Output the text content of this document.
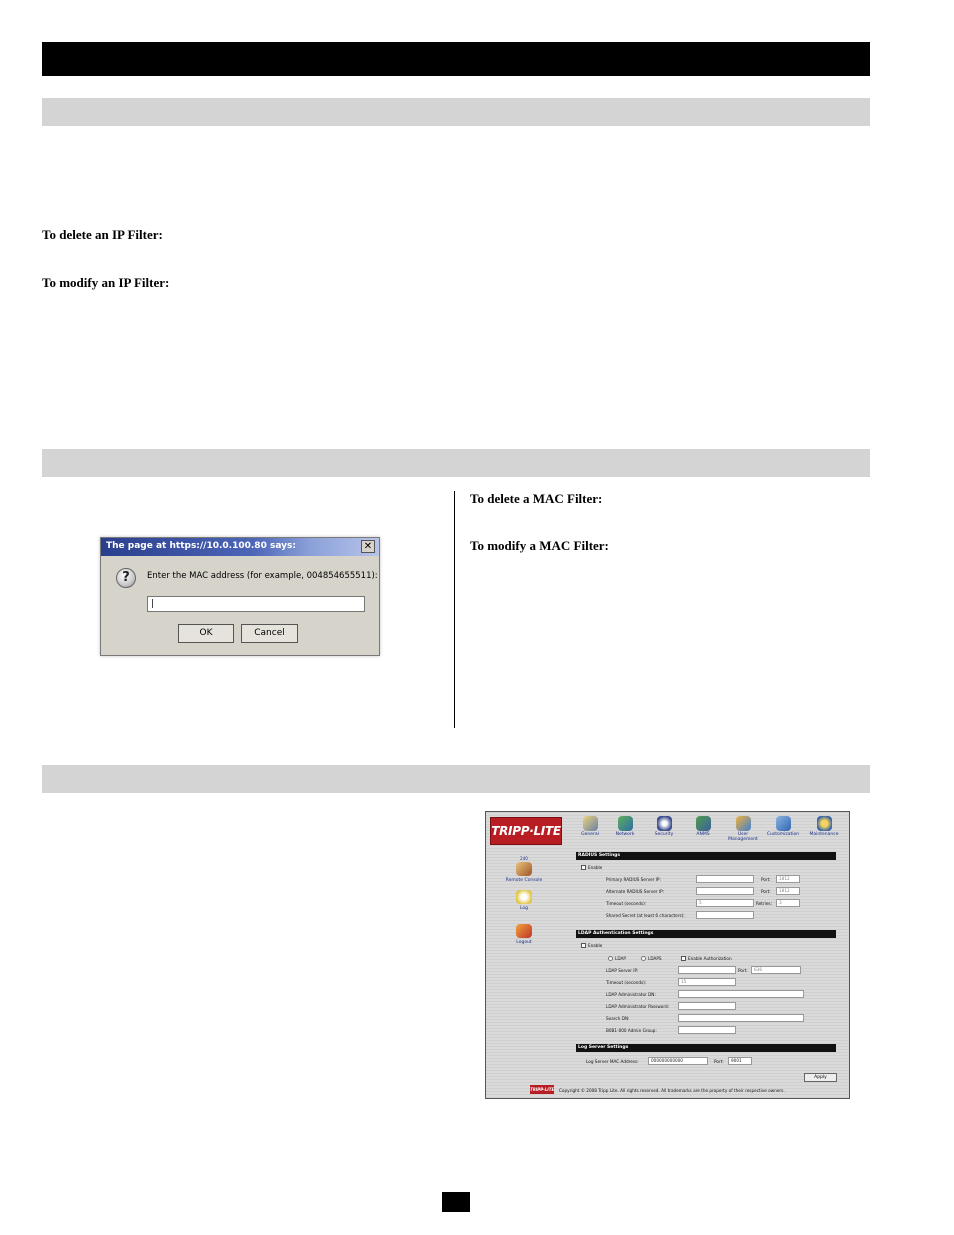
To delete an IP Filter:
To modify an IP Filter:
The page at https://10.0.100.80 says:	✕
?	Enter the MAC address (for example, 004854655511):
|
OK	Cancel
To delete a MAC Filter:
To modify a MAC Filter:
TRIPP·LITE	General	Network	Security	ANMS	User Management
Customization	Maintenance
240
Remote Console
Log
Logout
RADIUS Settings
Enable
Primary RADIUS Server IP:	Port:	1812
Alternate RADIUS Server IP:	Port:	1812
Timeout (seconds):	5	Retries:	3
Shared Secret (at least 6 characters):
LDAP Authentication Settings
Enable
LDAP	LDAPS	Enable Authorization
LDAP Server IP:	Port:	636
Timeout (seconds):	15
LDAP Administrator DN:
LDAP Administrator Password:
Search DN:
B0B1-000 Admin Group:
Log Server Settings
Log Server MAC Address:	000000000000	Port:	9001
Apply
TRIPP·LITE Copyright © 2008 Tripp Lite. All rights reserved. All trademarks are the property of their respective owners.
